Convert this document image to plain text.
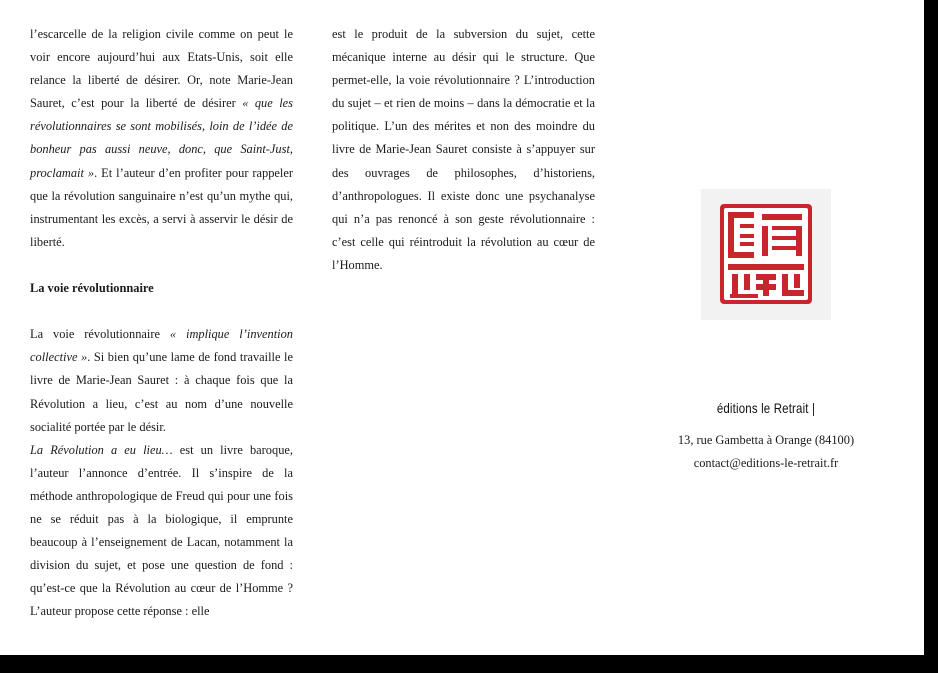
l’escarcelle de la religion civile comme on peut le voir encore aujourd’hui aux Etats-Unis, soit elle relance la liberté de désirer. Or, note Marie-Jean Sauret, c’est pour la liberté de désirer « que les révolutionnaires se sont mobilisés, loin de l’idée de bonheur pas aussi neuve, donc, que Saint-Just, proclamait ». Et l’auteur d’en profiter pour rappeler que la révolution sanguinaire n’est qu’un mythe qui, instrumentant les excès, a servi à asservir le désir de liberté.

La voie révolutionnaire

La voie révolutionnaire « implique l’invention collective ». Si bien qu’une lame de fond travaille le livre de Marie-Jean Sauret : à chaque fois que la Révolution a lieu, c’est au nom d’une nouvelle socialité portée par le désir.

La Révolution a eu lieu… est un livre baroque, l’auteur l’annonce d’entrée. Il s’inspire de la méthode anthropologique de Freud qui pour une fois ne se réduit pas à la biologique, il emprunte beaucoup à l’enseignement de Lacan, notamment la division du sujet, et pose une question de fond : qu’est-ce que la Révolution au cœur de l’Homme ? L’auteur propose cette réponse : elle

est le produit de la subversion du sujet, cette mécanique interne au désir qui le structure. Que permet-elle, la voie révolutionnaire ? L’introduction du sujet – et rien de moins – dans la démocratie et la politique. L’un des mérites et non des moindre du livre de Marie-Jean Sauret consiste à s’appuyer sur des ouvrages de philosophes, d’historiens, d’anthropologues. Il existe donc une psychanalyse qui n’a pas renoncé à son geste révolutionnaire : c’est celle qui réintroduit la révolution au cœur de l’Homme.

éditions le Retrait |
13, rue Gambetta à Orange (84100)
contact@editions-le-retrait.fr
